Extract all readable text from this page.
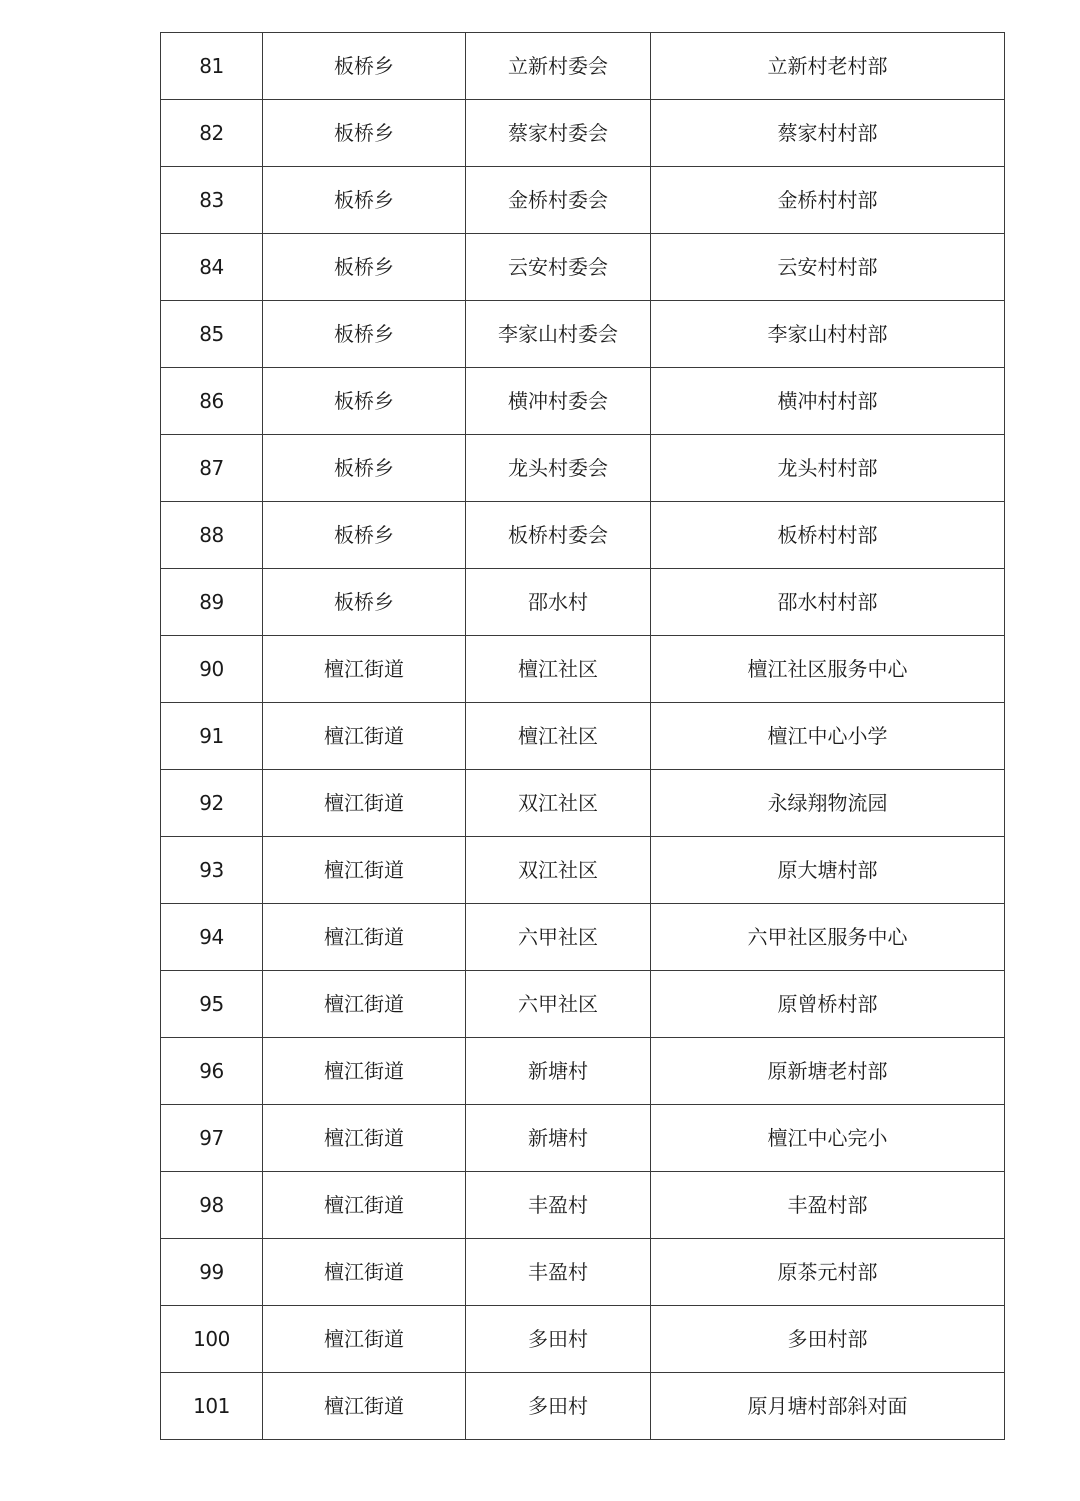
81	板桥乡	立新村委会	立新村老村部
82	板桥乡	蔡家村委会	蔡家村村部
83	板桥乡	金桥村委会	金桥村村部
84	板桥乡	云安村委会	云安村村部
85	板桥乡	李家山村委会	李家山村村部
86	板桥乡	横冲村委会	横冲村村部
87	板桥乡	龙头村委会	龙头村村部
88	板桥乡	板桥村委会	板桥村村部
89	板桥乡	邵水村	邵水村村部
90	檀江街道	檀江社区	檀江社区服务中心
91	檀江街道	檀江社区	檀江中心小学
92	檀江街道	双江社区	永绿翔物流园
93	檀江街道	双江社区	原大塘村部
94	檀江街道	六甲社区	六甲社区服务中心
95	檀江街道	六甲社区	原曾桥村部
96	檀江街道	新塘村	原新塘老村部
97	檀江街道	新塘村	檀江中心完小
98	檀江街道	丰盈村	丰盈村部
99	檀江街道	丰盈村	原茶元村部
100	檀江街道	多田村	多田村部
101	檀江街道	多田村	原月塘村部斜对面
